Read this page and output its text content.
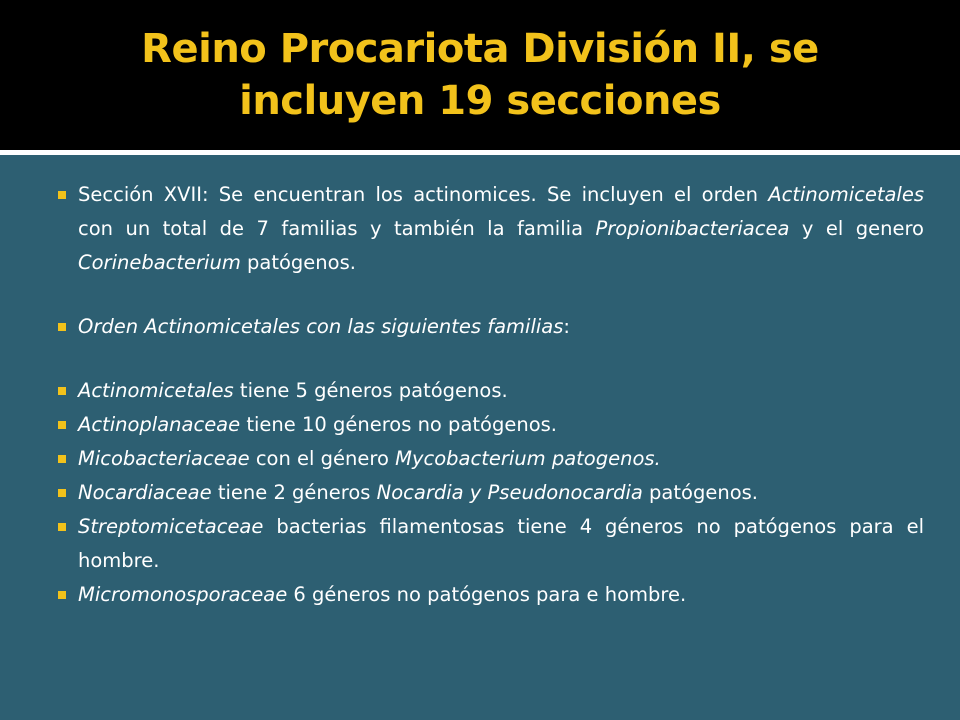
Reino Procariota División II, se
incluyen 19 secciones
Sección XVII: Se encuentran los actinomices. Se incluyen el orden Actinomicetales con un total de 7 familias y también la familia Propionibacteriacea y el genero Corinebacterium patógenos.
Orden Actinomicetales con las siguientes familias:
Actinomicetales tiene 5 géneros patógenos.
Actinoplanaceae tiene 10 géneros no patógenos.
Micobacteriaceae con el género Mycobacterium patogenos.
Nocardiaceae tiene 2 géneros Nocardia y Pseudonocardia patógenos.
Streptomicetaceae bacterias filamentosas tiene 4 géneros no patógenos para el hombre.
Micromonosporaceae 6 géneros no patógenos para e hombre.
